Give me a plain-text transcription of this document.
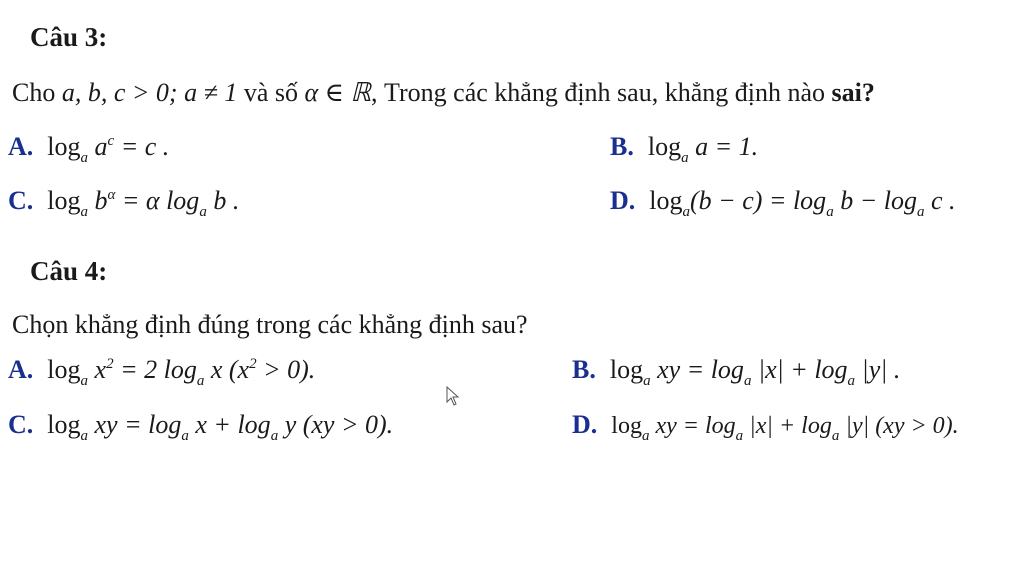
Câu 3:
Cho a, b, c > 0; a ≠ 1 và số α ∈ ℝ, Trong các khẳng định sau, khẳng định nào sai?
A. $\log_a a^c = c$ .	B. $\log_a a = 1$.
C. $\log_a b^\alpha = \alpha$ $\log_a b$ .	D. $\log_a(b - c) = \log_a b - \log_a c$ .
Câu 4:
Chọn khẳng định đúng trong các khẳng định sau?
A. $\log_a x^2 = 2$ $\log_a x$ $(x^2 > 0)$.	B. $\log_a$ xy = $\log_a |x| + \log_a |y|$ .
C. $\log_a$ xy = $\log_a x + \log_a y$ (xy > 0).	D. $\log_a$ xy = $\log_a |x| + \log_a |y|$ (xy > 0).
